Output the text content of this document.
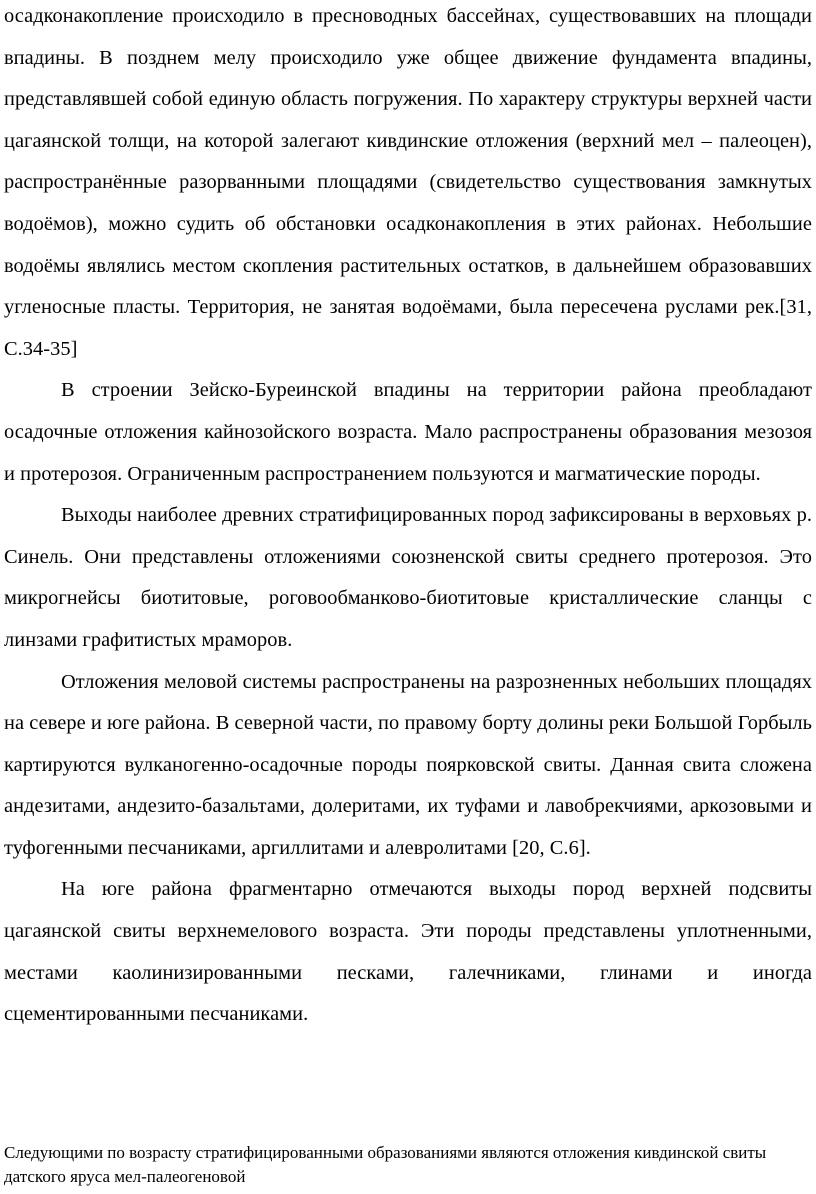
осадконакопление происходило в пресноводных бассейнах, существовавших на площади впадины. В позднем мелу происходило уже общее движение фундамента впадины, представлявшей собой единую область погружения. По характеру структуры верхней части цагаянской толщи, на которой залегают кивдинские отложения (верхний мел – палеоцен), распространённые разорванными площадями (свидетельство существования замкнутых водоёмов), можно судить об обстановки осадконакопления в этих районах. Небольшие водоёмы являлись местом скопления растительных остатков, в дальнейшем образовавших угленосные пласты. Территория, не занятая водоёмами, была пересечена руслами рек.[31, С.34-35]

В строении Зейско-Буреинской впадины на территории района преобладают осадочные отложения кайнозойского возраста. Мало распространены образования мезозоя и протерозоя. Ограниченным распространением пользуются и магматические породы.

Выходы наиболее древних стратифицированных пород зафиксированы в верховьях р. Синель. Они представлены отложениями союзненской свиты среднего протерозоя. Это микрогнейсы биотитовые, роговообманково-биотитовые кристаллические сланцы с линзами графитистых мраморов.

Отложения меловой системы распространены на разрозненных небольших площадях на севере и юге района. В северной части, по правому борту долины реки Большой Горбыль картируются вулканогенно-осадочные породы поярковской свиты. Данная свита сложена андезитами, андезито-базальтами, долеритами, их туфами и лавобрекчиями, аркозовыми и туфогенными песчаниками, аргиллитами и алевролитами [20, С.6].

На юге района фрагментарно отмечаются выходы пород верхней подсвиты цагаянской свиты верхнемелового возраста. Эти породы представлены уплотненными, местами каолинизированными песками, галечниками, глинами и иногда сцементированными песчаниками.

Следующими по возрасту стратифицированными образованиями являются отложения кивдинской свиты датского яруса мел-палеогеновой
